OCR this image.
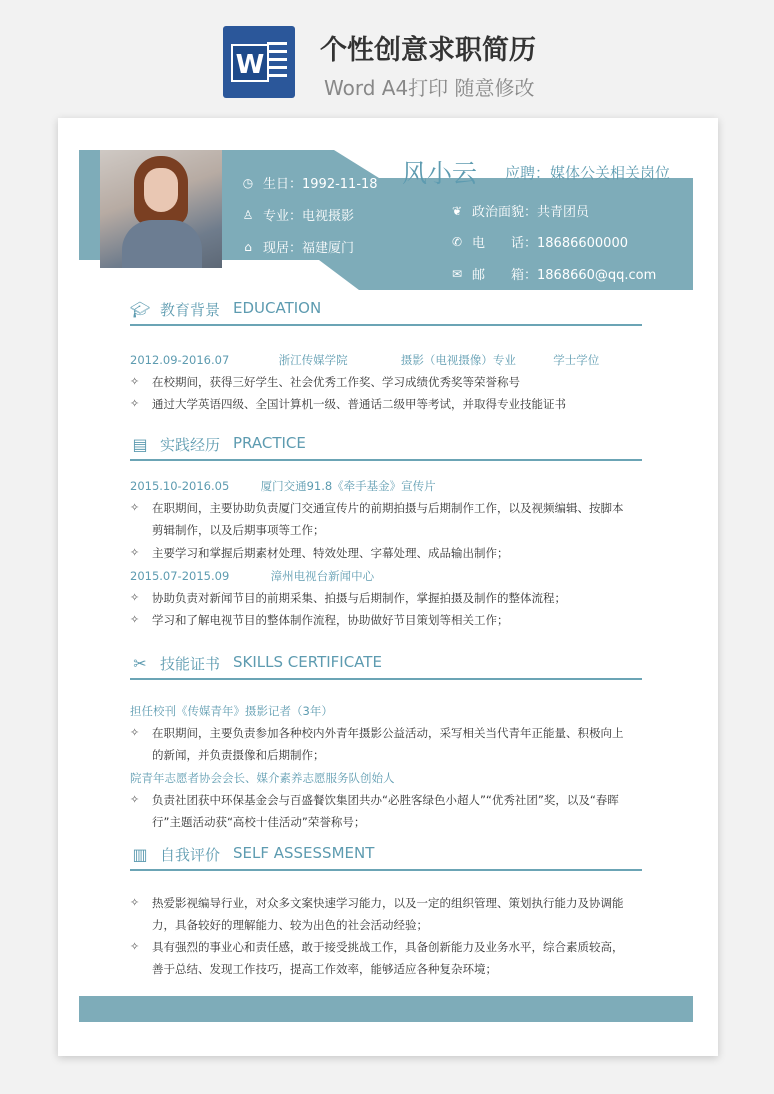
W 个性创意求职简历
Word A4打印 随意修改
风小云 应聘：媒体公关相关岗位
◷ 生日：1992-11-18
♙ 专业：电视摄影
⌂ 现居：福建厦门
❦ 政治面貌：共青团员
✆ 电　　话：18686600000
✉ 邮　　箱：1868660@qq.com
🎓︎ 教育背景 EDUCATION
2012.09-2016.07	浙江传媒学院	摄影（电视摄像）专业	学士学位
✧ 在校期间，获得三好学生、社会优秀工作奖、学习成绩优秀奖等荣誉称号
✧ 通过大学英语四级、全国计算机一级、普通话二级甲等考试，并取得专业技能证书
▤ 实践经历 PRACTICE
2015.10-2016.05	厦门交通91.8《牵手基金》宣传片
✧ 在职期间，主要协助负责厦门交通宣传片的前期拍摄与后期制作工作，以及视频编辑、按脚本剪辑制作，以及后期事项等工作；
✧ 主要学习和掌握后期素材处理、特效处理、字幕处理、成品输出制作；
2015.07-2015.09	漳州电视台新闻中心
✧ 协助负责对新闻节目的前期采集、拍摄与后期制作，掌握拍摄及制作的整体流程；
✧ 学习和了解电视节目的整体制作流程，协助做好节目策划等相关工作；
✂ 技能证书 SKILLS CERTIFICATE
担任校刊《传媒青年》摄影记者（3年）
✧ 在职期间，主要负责参加各种校内外青年摄影公益活动，采写相关当代青年正能量、积极向上的新闻，并负责摄像和后期制作；
院青年志愿者协会会长、媒介素养志愿服务队创始人
✧ 负责社团获中环保基金会与百盛餐饮集团共办“必胜客绿色小超人”“优秀社团”奖，以及“春晖行”主题活动获“高校十佳活动”荣誉称号；
▥ 自我评价 SELF ASSESSMENT
✧ 热爱影视编导行业，对众多文案快速学习能力，以及一定的组织管理、策划执行能力及协调能力，具备较好的理解能力、较为出色的社会活动经验；
✧ 具有强烈的事业心和责任感，敢于接受挑战工作，具备创新能力及业务水平，综合素质较高，善于总结、发现工作技巧，提高工作效率，能够适应各种复杂环境；
